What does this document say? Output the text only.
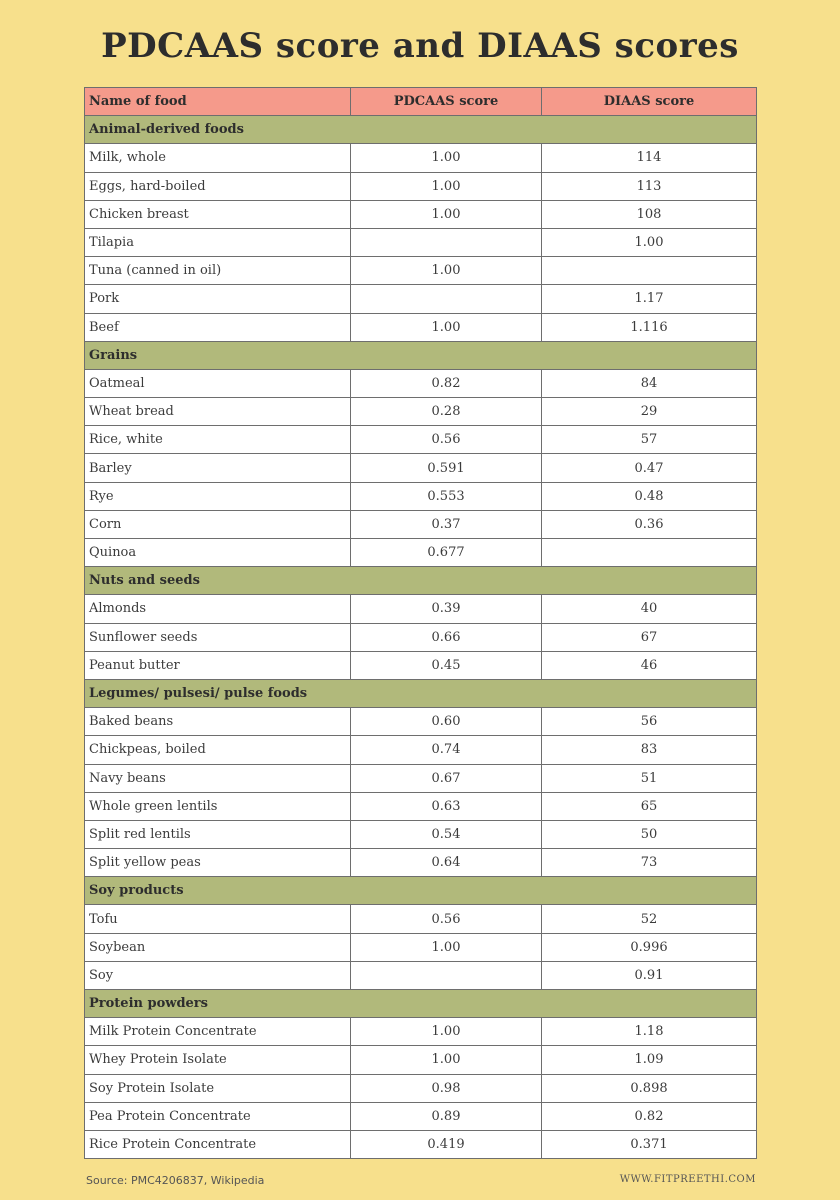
PDCAAS score and DIAAS scores
Name of food	PDCAAS score	DIAAS score
Animal-derived foods		
Milk, whole	1.00	114
Eggs, hard-boiled	1.00	113
Chicken breast	1.00	108
Tilapia		1.00
Tuna (canned in oil)	1.00	
Pork		1.17
Beef	1.00	1.116
Grains		
Oatmeal	0.82	84
Wheat bread	0.28	29
Rice, white	0.56	57
Barley	0.591	0.47
Rye	0.553	0.48
Corn	0.37	0.36
Quinoa	0.677	
Nuts and seeds		
Almonds	0.39	40
Sunflower seeds	0.66	67
Peanut butter	0.45	46
Legumes/ pulsesi/ pulse foods		
Baked beans	0.60	56
Chickpeas, boiled	0.74	83
Navy beans	0.67	51
Whole green lentils	0.63	65
Split red lentils	0.54	50
Split yellow peas	0.64	73
Soy products		
Tofu	0.56	52
Soybean	1.00	0.996
Soy		0.91
Protein powders		
Milk Protein Concentrate	1.00	1.18
Whey Protein Isolate	1.00	1.09
Soy Protein Isolate	0.98	0.898
Pea Protein Concentrate	0.89	0.82
Rice Protein Concentrate	0.419	0.371
Source: PMC4206837, Wikipedia	WWW.FITPREETHI.COM
